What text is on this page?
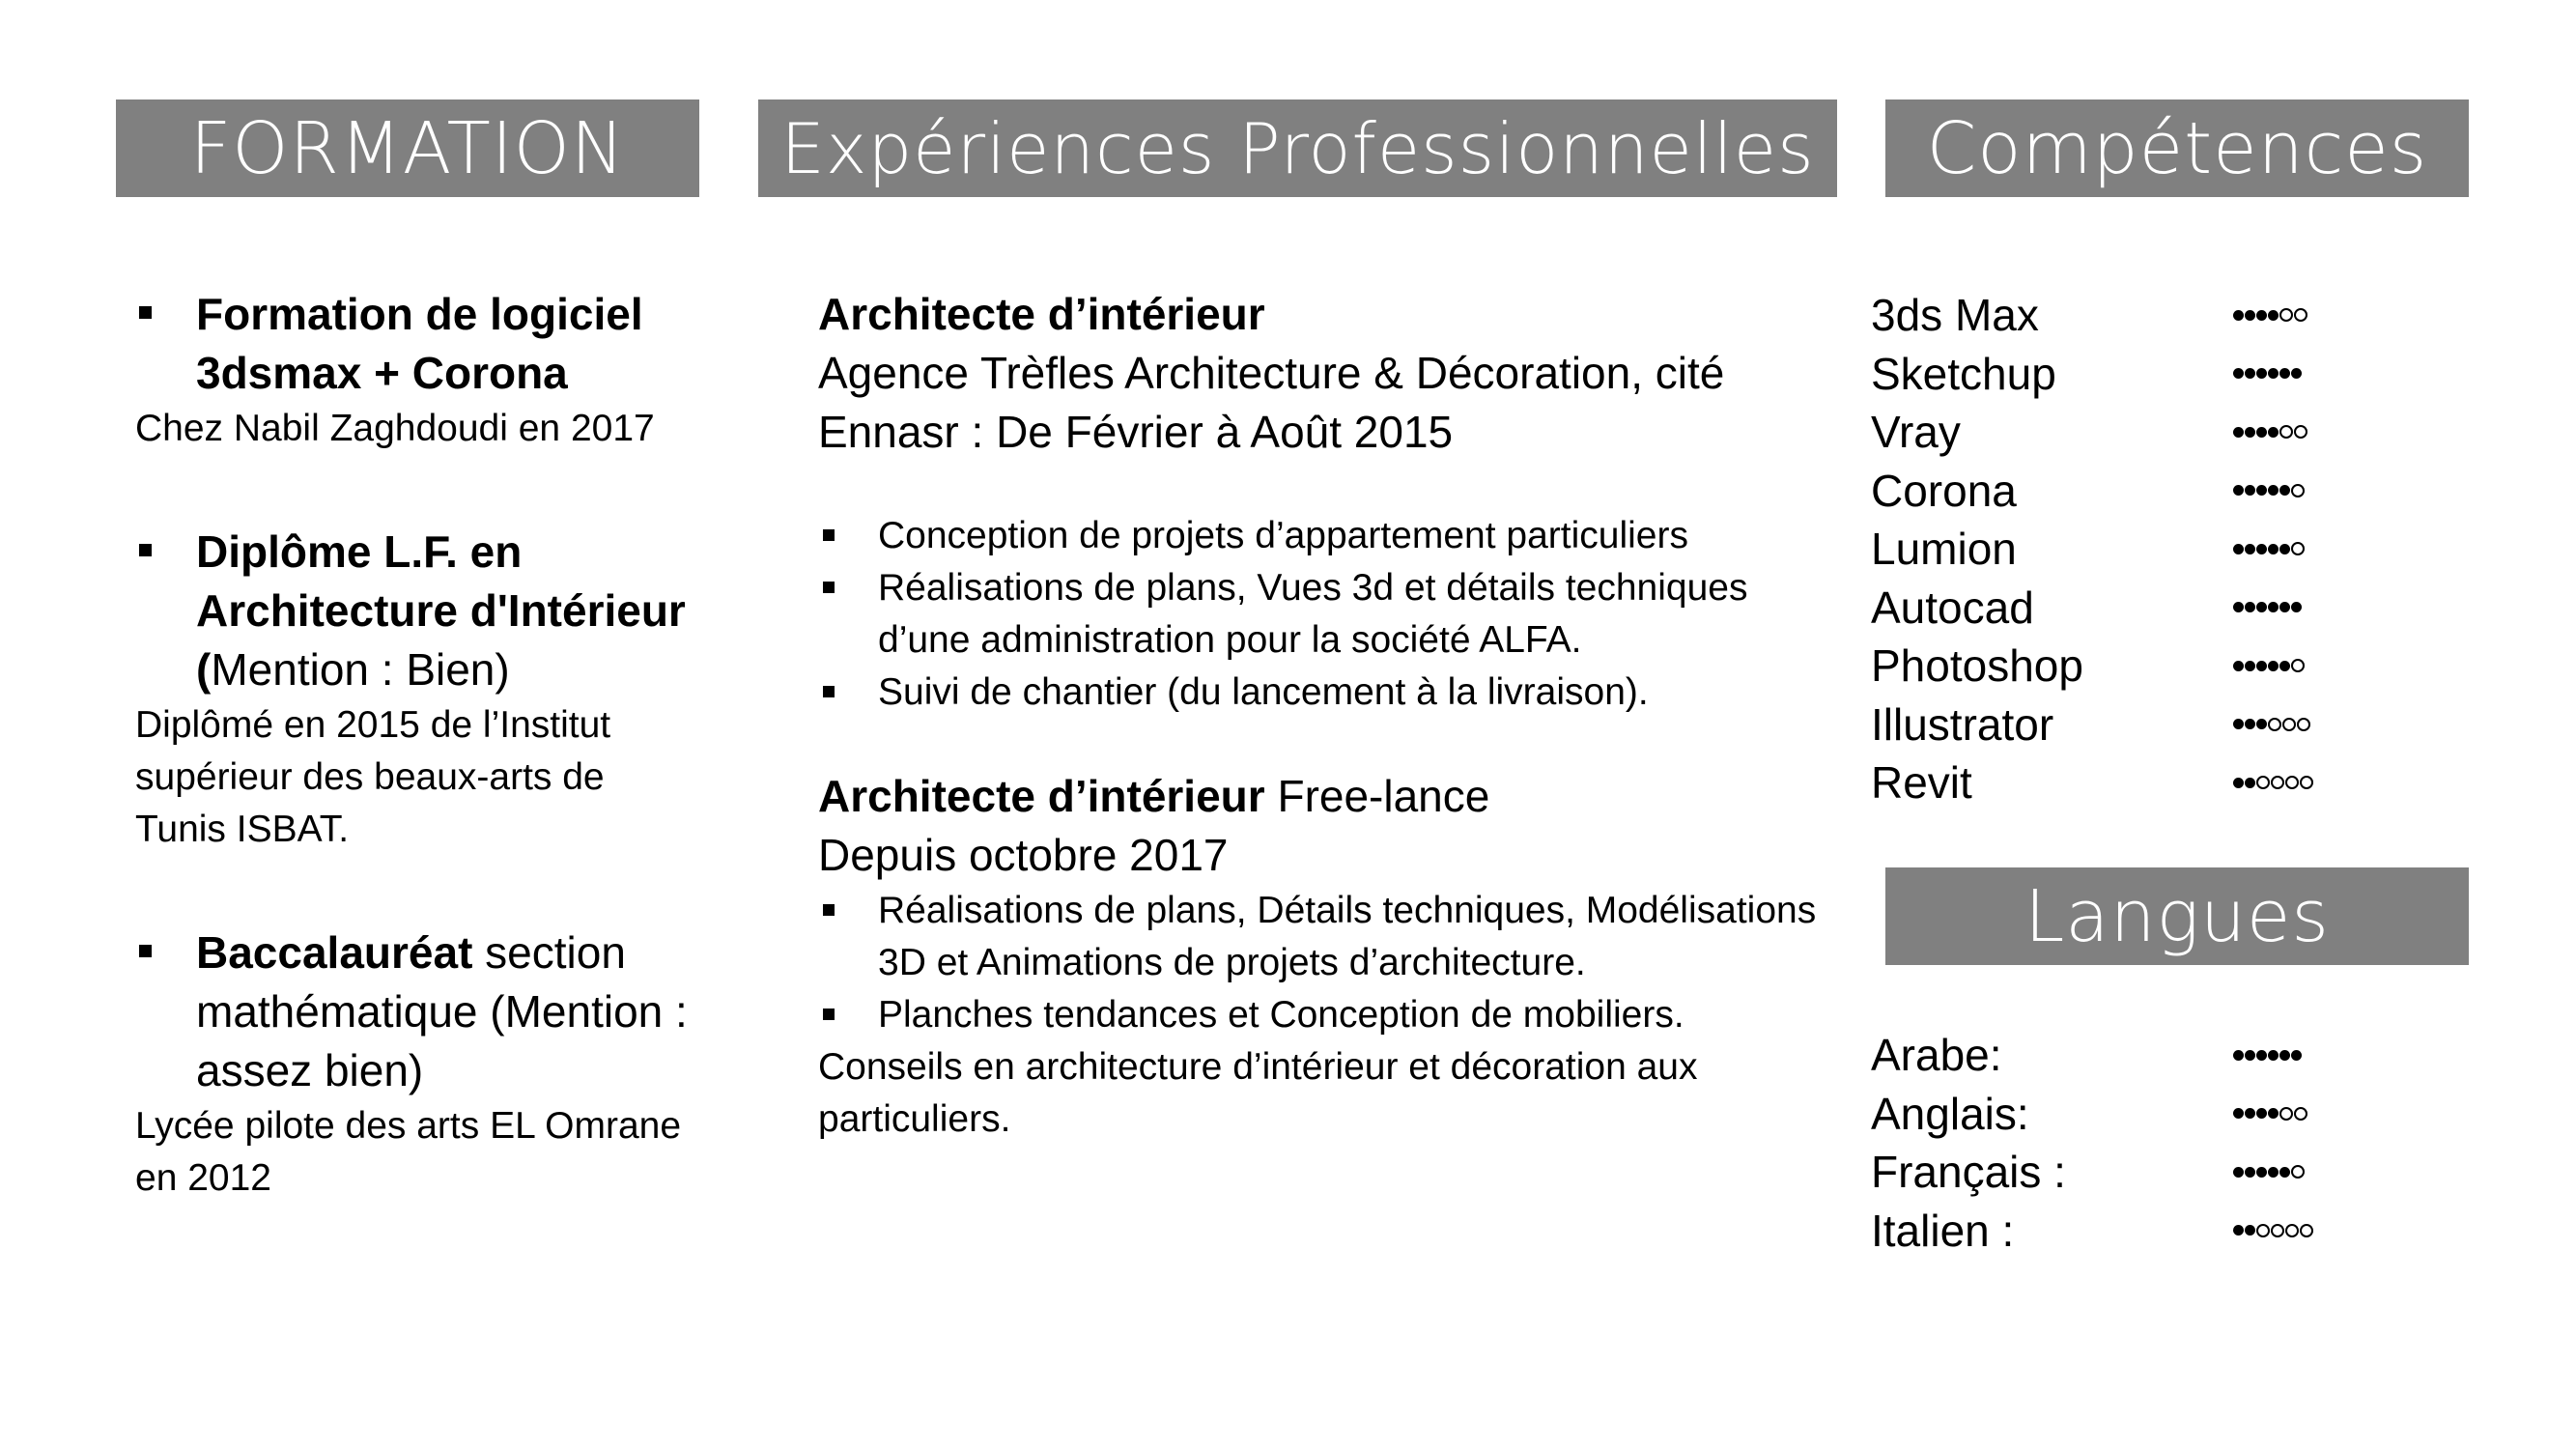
FORMATION	Expériences Professionnelles	Compétences
Langues
Formation de logiciel 3dsmax + Corona
Chez Nabil Zaghdoudi en 2017
Diplôme L.F. en Architecture d'Intérieur (Mention : Bien)
Diplômé en 2015 de l’Institut supérieur des beaux-arts de Tunis ISBAT.
Baccalauréat section mathématique (Mention : assez bien)
Lycée pilote des arts EL Omrane en 2012
Architecte d’intérieur
Agence Trèfles Architecture & Décoration, cité Ennasr : De Février à Août 2015
Conception de projets d’appartement particuliers
Réalisations de plans, Vues 3d et détails techniques d’une administration pour la société ALFA.
Suivi de chantier (du lancement à la livraison).
Architecte d’intérieur Free-lance
Depuis octobre 2017
Réalisations de plans, Détails techniques, Modélisations 3D et Animations de projets d’architecture.
Planches tendances et Conception de mobiliers.
Conseils en architecture d’intérieur et décoration aux particuliers.
3ds Max
Sketchup
Vray
Corona
Lumion
Autocad
Photoshop
Illustrator
Revit
Arabe:
Anglais:
Français :
Italien :
